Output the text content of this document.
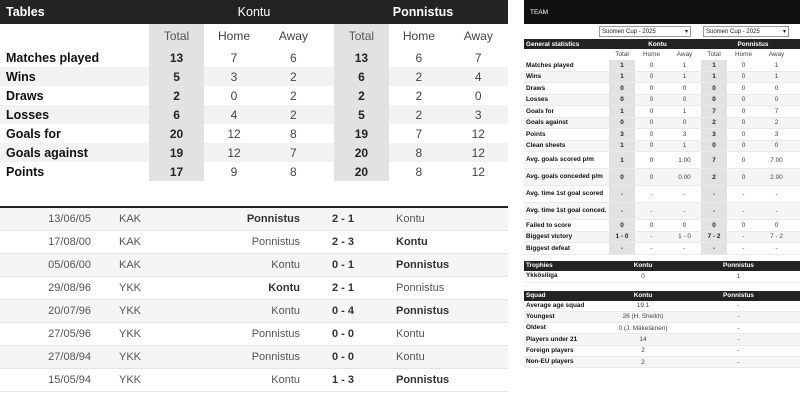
Tables	Kontu	Ponnistus
Total	Home	Away	Total	Home	Away
Matches played	13	7	6	13	6	7
Wins	5	3	2	6	2	4
Draws	2	0	2	2	2	0
Losses	6	4	2	5	2	3
Goals for	20	12	8	19	7	12
Goals against	19	12	7	20	8	12
Points	17	9	8	20	8	12
13/06/05	KAK	Ponnistus	2 - 1	Kontu
17/08/00	KAK	Ponnistus	2 - 3	Kontu
05/06/00	KAK	Kontu	0 - 1	Ponnistus
29/08/96	YKK	Kontu	2 - 1	Ponnistus
20/07/96	YKK	Kontu	0 - 4	Ponnistus
27/05/96	YKK	Ponnistus	0 - 0	Kontu
27/08/94	YKK	Ponnistus	0 - 0	Kontu
15/05/94	YKK	Kontu	1 - 3	Ponnistus
TEAM
Suomen Cup - 2025	▾	Suomen Cup - 2025	▾
General statistics	Kontu	Ponnistus
Total	Home	Away	Total	Home	Away
Matches played	1	0	1	1	0	1
Wins	1	0	1	1	0	1
Draws	0	0	0	0	0	0
Losses	0	0	0	0	0	0
Goals for	1	0	1	7	0	7
Goals against	0	0	0	2	0	2
Points	3	0	3	3	0	3
Clean sheets	1	0	1	0	0	0
Avg. goals scored p/m	1	0	1.00	7	0	7.00
Avg. goals conceded p/m	0	0	0.00	2	0	2.00
Avg. time 1st goal scored	-	-	-	-	-	-
Avg. time 1st goal conced.	-	-	-	-	-	-
Failed to score	0	0	0	0	0	0
Biggest victory	1 - 0	-	1 - 0	7 - 2	-	7 - 2
Biggest defeat	-	-	-	-	-	-
Trophies	Kontu	Ponnistus
Ykkösliiga	0	1
Squad	Kontu	Ponnistus
Average age squad	19.1	-
Youngest	26 (H. Sheikh)	-
Oldest	0 (J. Mäkeläinen)	-
Players under 21	14	-
Foreign players	2	-
Non-EU players	2	-
